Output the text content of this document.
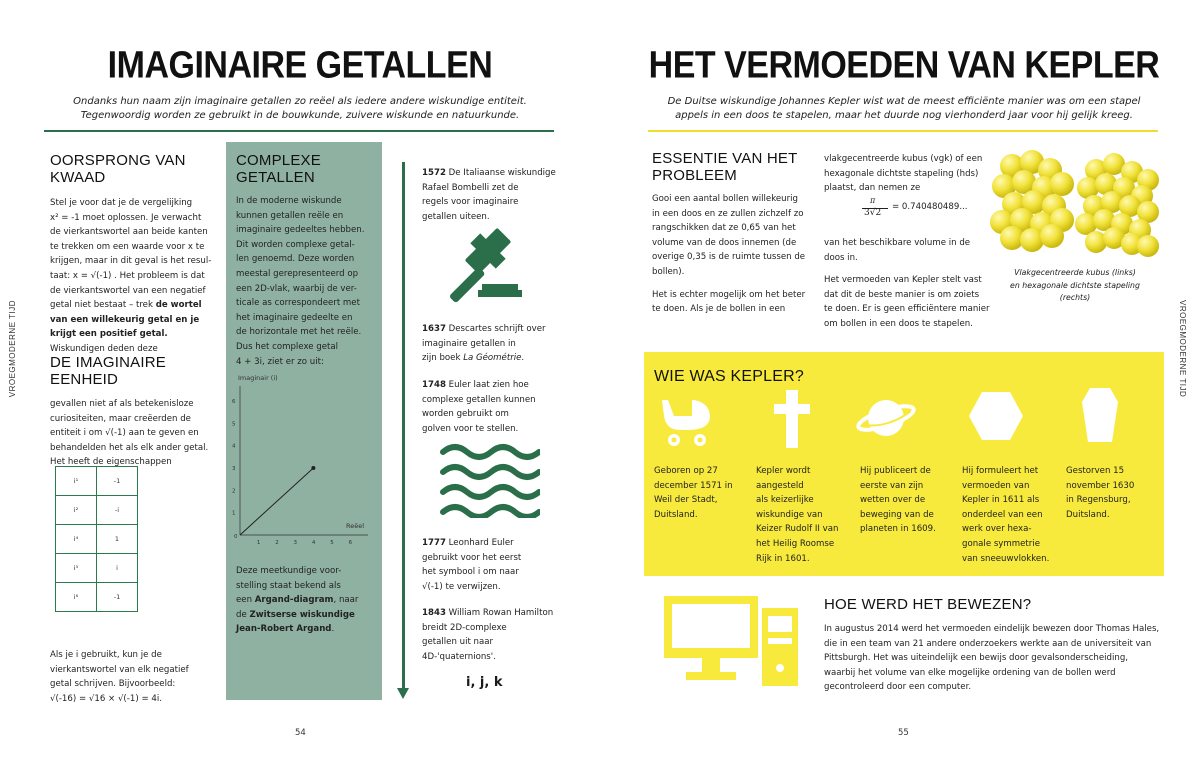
IMAGINAIRE GETALLEN
Ondanks hun naam zijn imaginaire getallen zo reëel als iedere andere wiskundige entiteit.
Tegenwoordig worden ze gebruikt in de bouwkunde, zuivere wiskunde en natuurkunde.
VROEGMODERNE TIJD
OORSPRONG VAN KWAAD
Stel je voor dat je de vergelijking
x² = -1 moet oplossen. Je verwacht
de vierkantswortel aan beide kanten
te trekken om een waarde voor x te
krijgen, maar in dit geval is het resul-
taat: x = √(-1) . Het probleem is dat
de vierkantswortel van een negatief
getal niet bestaat – trek de wortel
van een willekeurig getal en je
krijgt een positief getal.
Wiskundigen deden deze
DE IMAGINAIRE EENHEID
gevallen niet af als betekenisloze
curiositeiten, maar creëerden de
entiteit i om √(-1) aan te geven en
behandelden het als elk ander getal.
Het heeft de eigenschappen
i¹	-1
i²	-i
i⁴	1
i⁵	i
i⁶	-1
Als je i gebruikt, kun je de
vierkantswortel van elk negatief
getal schrijven. Bijvoorbeeld:
√(-16) = √16 × √(-1) = 4i.
COMPLEXE GETALLEN
In de moderne wiskunde
kunnen getallen reële en
imaginaire gedeeltes hebben.
Dit worden complexe getal-
len genoemd. Deze worden
meestal gerepresenteerd op
een 2D-vlak, waarbij de ver-
ticale as correspondeert met
het imaginaire gedeelte en
de horizontale met het reële.
Dus het complexe getal
4 + 3i, ziet er zo uit:
Imaginair (i)
Reëel
0
1	2	3	4	5	6
1
2
3
4
5
6
Deze meetkundige voor-
stelling staat bekend als
een Argand-diagram, naar
de Zwitserse wiskundige
Jean-Robert Argand.
1572 De Italiaanse wiskundige
Rafael Bombelli zet de
regels voor imaginaire
getallen uiteen.
1637 Descartes schrijft over
imaginaire getallen in
zijn boek La Géométrie.
1748 Euler laat zien hoe
complexe getallen kunnen
worden gebruikt om
golven voor te stellen.
1777 Leonhard Euler
gebruikt voor het eerst
het symbool i om naar
√(-1) te verwijzen.
1843 William Rowan Hamilton
breidt 2D-complexe
getallen uit naar
4D-'quaternions'.
i, j, k
54
HET VERMOEDEN VAN KEPLER
De Duitse wiskundige Johannes Kepler wist wat de meest efficiënte manier was om een stapel
appels in een doos te stapelen, maar het duurde nog vierhonderd jaar voor hij gelijk kreeg.
VROEGMODERNE TIJD
ESSENTIE VAN HET
PROBLEEM
Gooi een aantal bollen willekeurig
in een doos en ze zullen zichzelf zo
rangschikken dat ze 0,65 van het
volume van de doos innemen (de
overige 0,35 is de ruimte tussen de
bollen).
Het is echter mogelijk om het beter
te doen. Als je de bollen in een
vlakgecentreerde kubus (vgk) of een
hexagonale dichtste stapeling (hds)
plaatst, dan nemen ze
π
3√2
= 0.740480489...
van het beschikbare volume in de
doos in.
Het vermoeden van Kepler stelt vast
dat dit de beste manier is om zoiets
te doen. Er is geen efficiëntere manier
om bollen in een doos te stapelen.
Vlakgecentreerde kubus (links)
en hexagonale dichtste stapeling
(rechts)
WIE WAS KEPLER?
Geboren op 27
december 1571 in
Weil der Stadt,
Duitsland.
Kepler wordt
aangesteld
als keizerlijke
wiskundige van
Keizer Rudolf II van
het Heilig Roomse
Rijk in 1601.
Hij publiceert de
eerste van zijn
wetten over de
beweging van de
planeten in 1609.
Hij formuleert het
vermoeden van
Kepler in 1611 als
onderdeel van een
werk over hexa-
gonale symmetrie
van sneeuwvlokken.
Gestorven 15
november 1630
in Regensburg,
Duitsland.
HOE WERD HET BEWEZEN?
In augustus 2014 werd het vermoeden eindelijk bewezen door Thomas Hales,
die in een team van 21 andere onderzoekers werkte aan de universiteit van
Pittsburgh. Het was uiteindelijk een bewijs door gevalsonderscheiding,
waarbij het volume van elke mogelijke ordening van de bollen werd
gecontroleerd door een computer.
55
